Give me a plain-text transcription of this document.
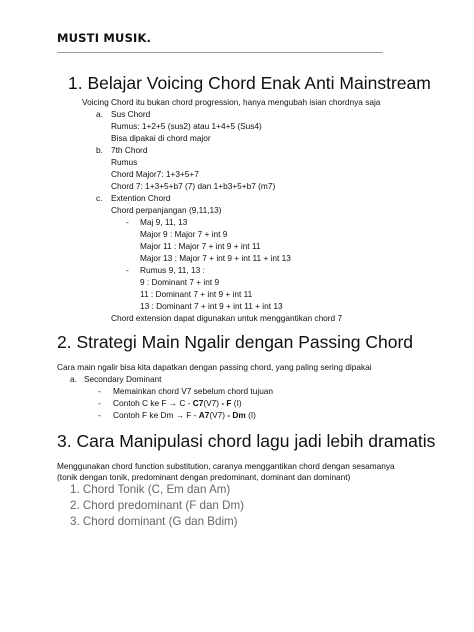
MUSTI MUSIK.
1. Belajar Voicing Chord Enak Anti Mainstream
Voicing Chord itu bukan chord progression, hanya mengubah isian chordnya saja
a. Sus Chord
Rumus: 1+2+5 (sus2) atau 1+4+5 (Sus4)
Bisa dipakai di chord major
b. 7th Chord
Rumus
Chord Major7: 1+3+5+7
Chord 7: 1+3+5+b7 (7) dan 1+b3+5+b7 (m7)
c. Extention Chord
Chord perpanjangan (9,11,13)
- Maj 9, 11, 13
Major 9 : Major 7 + int 9
Major 11 : Major 7 + int 9 + int 11
Major 13 : Major 7 + int 9 + int 11 + int 13
- Rumus 9, 11, 13 :
9 : Dominant 7 + int 9
11 : Dominant 7 + int 9 + int 11
13 : Dominant 7 + int 9 + int 11 + int 13
Chord extension dapat digunakan untuk menggantikan chord 7
2. Strategi Main Ngalir dengan Passing Chord
Cara main ngalir bisa kita dapatkan dengan passing chord, yang paling sering dipakai
a. Secondary Dominant
- Memainkan chord V7 sebelum chord tujuan
- Contoh C ke F → C - C7(V7) - F (I)
- Contoh F ke Dm → F - A7(V7) - Dm (I)
3. Cara Manipulasi chord lagu jadi lebih dramatis
Menggunakan chord function substitution, caranya menggantikan chord dengan sesamanya
(tonik dengan tonik, predominant dengan predominant, dominant dan dominant)
1. Chord Tonik (C, Em dan Am)
2. Chord predominant (F dan Dm)
3. Chord dominant (G dan Bdim)
